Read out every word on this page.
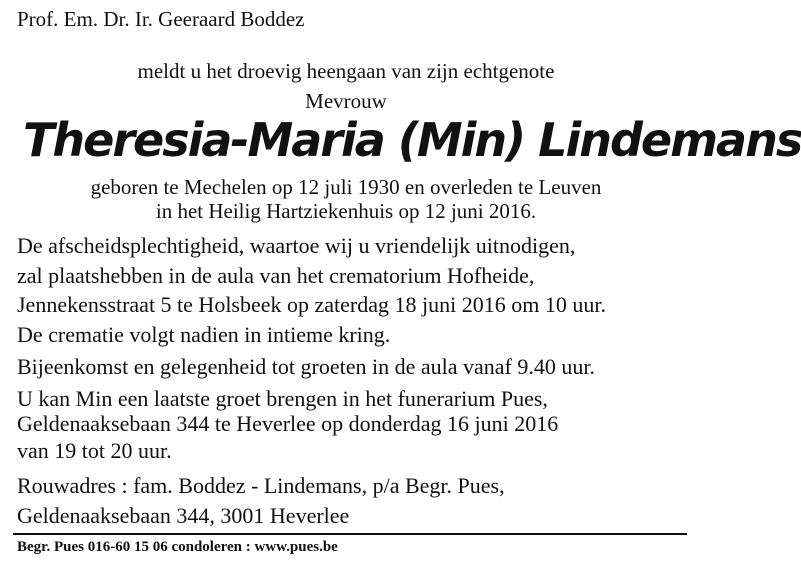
Prof. Em. Dr. Ir. Geeraard Boddez
meldt u het droevig heengaan van zijn echtgenote
Mevrouw
Theresia-Maria (Min) Lindemans
geboren te Mechelen op 12 juli 1930 en overleden te Leuven
in het Heilig Hartziekenhuis op 12 juni 2016.
De afscheidsplechtigheid, waartoe wij u vriendelijk uitnodigen,
zal plaatshebben in de aula van het crematorium Hofheide,
Jennekensstraat 5 te Holsbeek op zaterdag 18 juni 2016 om 10 uur.
De crematie volgt nadien in intieme kring.
Bijeenkomst en gelegenheid tot groeten in de aula vanaf 9.40 uur.
U kan Min een laatste groet brengen in het funerarium Pues,
Geldenaaksebaan 344 te Heverlee op donderdag 16 juni 2016
van 19 tot 20 uur.
Rouwadres : fam. Boddez - Lindemans, p/a Begr. Pues,
Geldenaaksebaan 344, 3001 Heverlee
Begr. Pues 016-60 15 06 condoleren : www.pues.be
